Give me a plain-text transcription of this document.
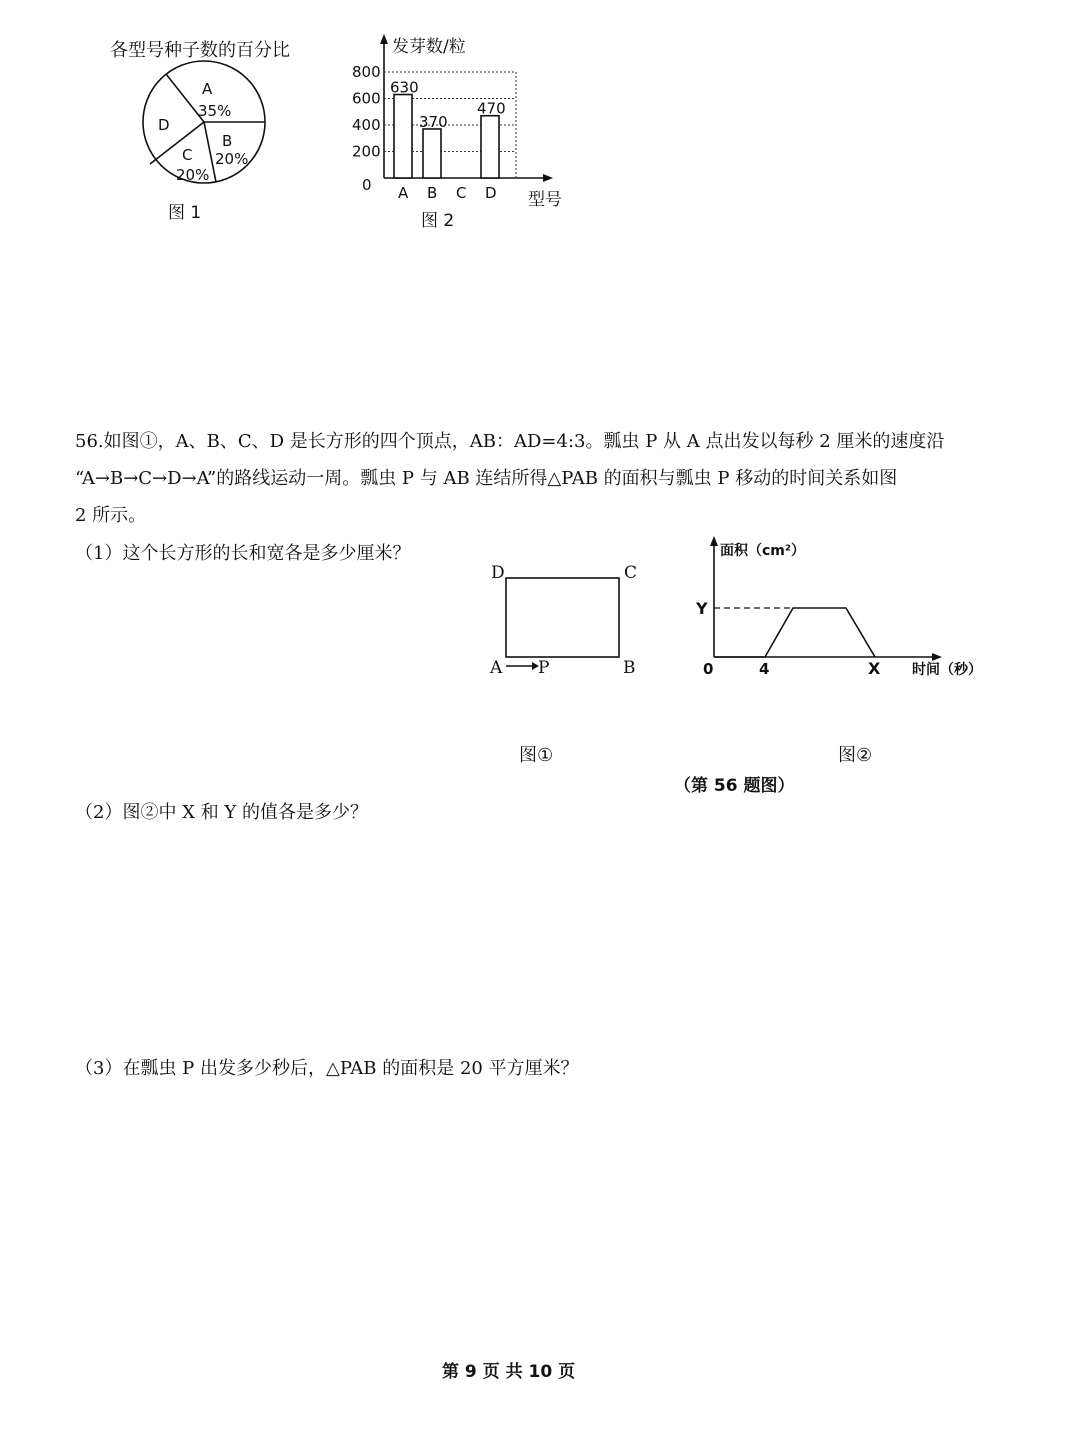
各型号种子数的百分比
A
35%
B
20%
C
20%
D
图 1
200
400
600
800
630
A
370
B C
470
D
发芽数/粒
型号
0
图 2
56.如图①，A、B、C、D 是长方形的四个顶点，AB：AD=4:3。瓢虫 P 从 A 点出发以每秒 2 厘米的速度沿
“A→B→C→D→A”的路线运动一周。瓢虫 P 与 AB 连结所得△PAB 的面积与瓢虫 P 移动的时间关系如图
2 所示。
（1）这个长方形的长和宽各是多少厘米？
D	C
A P	B
面积（cm²）
Y
0	4	X 时间（秒）
图①	图②
（第 56 题图）
（2）图②中 X 和 Y 的值各是多少？
（3）在瓢虫 P 出发多少秒后，△PAB 的面积是 20 平方厘米？
第 9 页 共 10 页
